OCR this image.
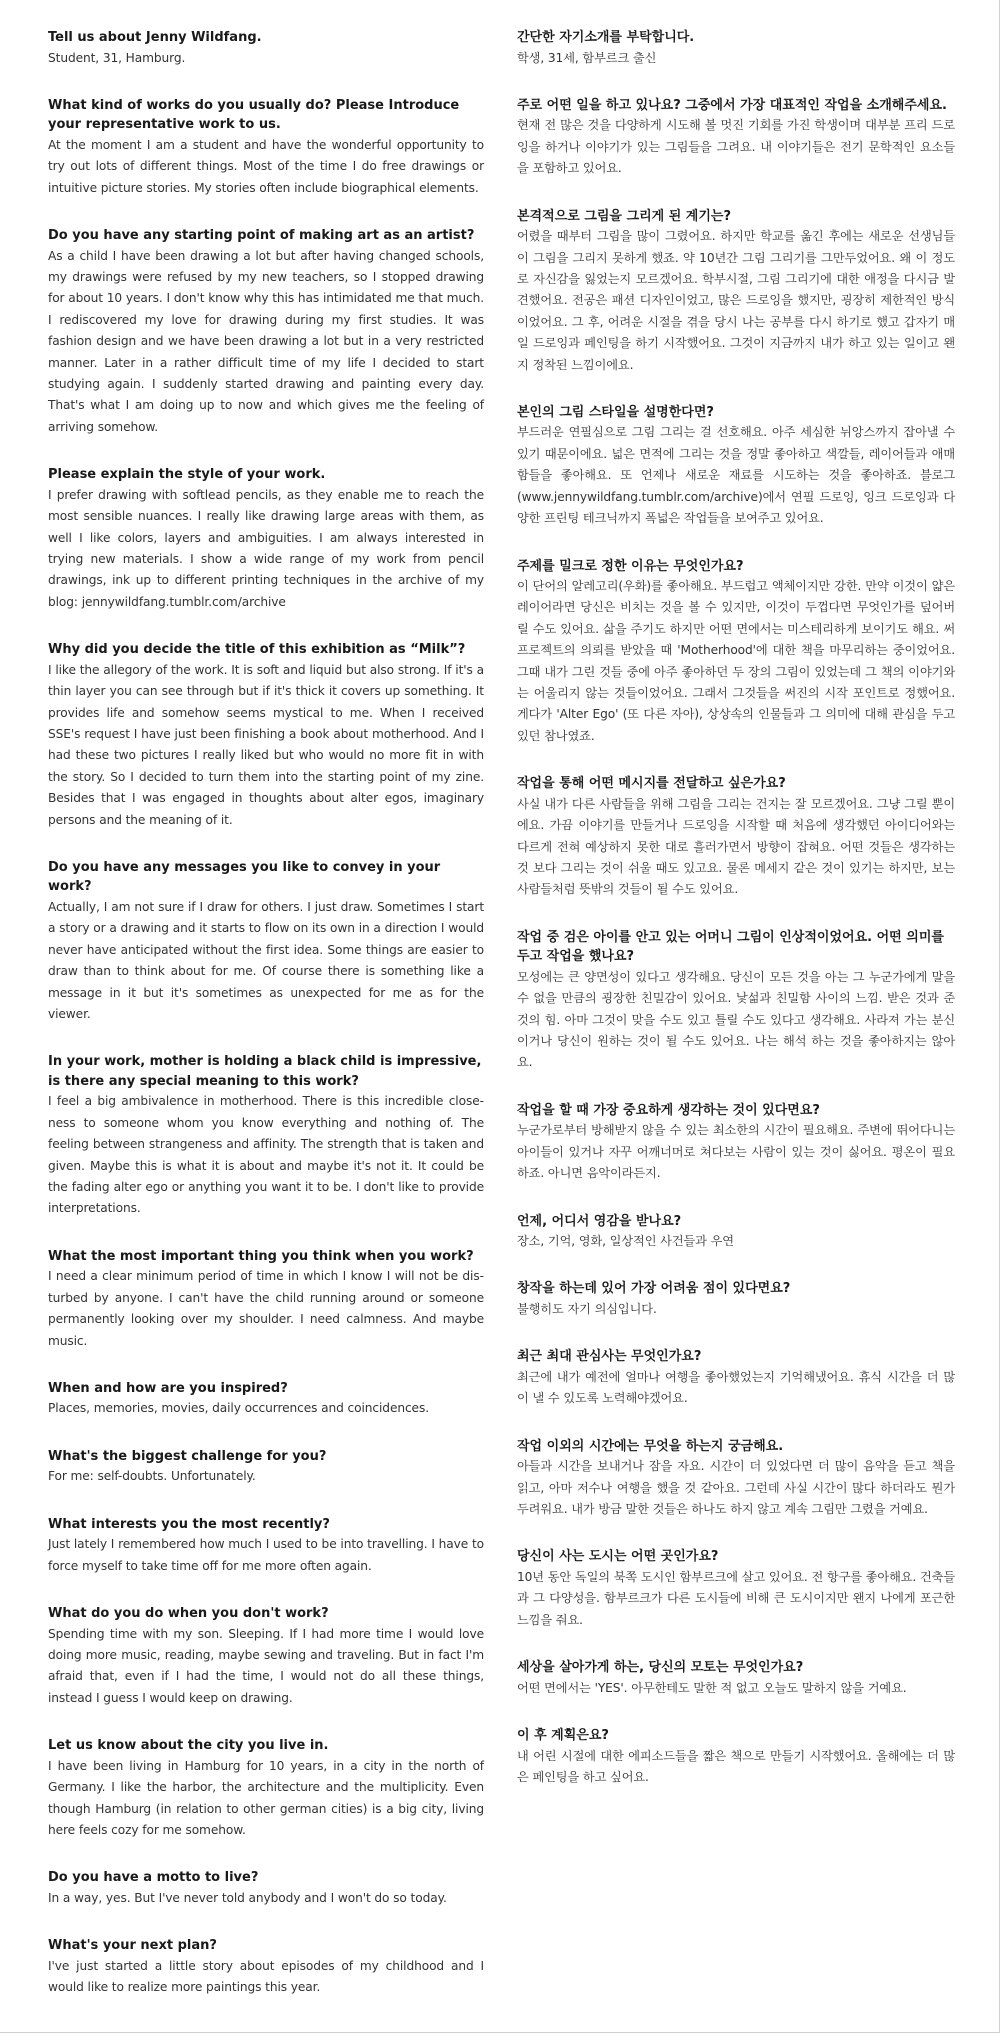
Tell us about Jenny Wildfang.

Student, 31, Hamburg.

What kind of works do you usually do? Please Introduce your representative work to us.

At the moment I am a student and have the wonderful opportunity to try out lots of different things. Most of the time I do free drawings or intuitive picture stories. My stories often include biographical elements.

Do you have any starting point of making art as an artist?

As a child I have been drawing a lot but after having changed schools, my drawings were refused by my new teachers, so I stopped drawing for about 10 years. I don't know why this has intimidated me that much. I rediscovered my love for drawing during my first studies. It was fashion design and we have been drawing a lot but in a very restricted manner. Later in a rather difficult time of my life I decided to start studying again. I suddenly started drawing and painting every day. That's what I am doing up to now and which gives me the feeling of arriving somehow.

Please explain the style of your work.

I prefer drawing with softlead pencils, as they enable me to reach the most sensible nuances. I really like drawing large areas with them, as well I like colors, layers and ambiguities. I am always interested in trying new materials. I show a wide range of my work from pencil drawings, ink up to different printing techniques in the archive of my blog: jennywildfang.tumblr.com/archive

Why did you decide the title of this exhibition as “Milk”?

I like the allegory of the work. It is soft and liquid but also strong. If it's a thin layer you can see through but if it's thick it covers up something. It provides life and somehow seems mystical to me. When I received SSE's request I have just been finishing a book about motherhood. And I had these two pictures I really liked but who would no more fit in with the story. So I decided to turn them into the starting point of my zine. Besides that I was engaged in thoughts about alter egos, imaginary persons and the meaning of it.

Do you have any messages you like to convey in your work?

Actually, I am not sure if I draw for others. I just draw. Sometimes I start a story or a drawing and it starts to flow on its own in a direction I would never have anticipated without the first idea. Some things are easier to draw than to think about for me. Of course there is something like a message in it but it's sometimes as unexpected for me as for the viewer.

In your work, mother is holding a black child is impressive, is there any special meaning to this work?

I feel a big ambivalence in motherhood. There is this incredible closeness to someone whom you know everything and nothing of. The feeling between strangeness and affinity. The strength that is taken and given. Maybe this is what it is about and maybe it's not it. It could be the fading alter ego or anything you want it to be. I don't like to provide interpretations.

What the most important thing you think when you work?

I need a clear minimum period of time in which I know I will not be disturbed by anyone. I can't have the child running around or someone permanently looking over my shoulder. I need calmness. And maybe music.

When and how are you inspired?

Places, memories, movies, daily occurrences and coincidences.

What's the biggest challenge for you?

For me: self-doubts. Unfortunately.

What interests you the most recently?

Just lately I remembered how much I used to be into travelling. I have to force myself to take time off for me more often again.

What do you do when you don't work?

Spending time with my son. Sleeping. If I had more time I would love doing more music, reading, maybe sewing and traveling. But in fact I'm afraid that, even if I had the time, I would not do all these things, instead I guess I would keep on drawing.

Let us know about the city you live in.

I have been living in Hamburg for 10 years, in a city in the north of Germany. I like the harbor, the architecture and the multiplicity. Even though Hamburg (in relation to other german cities) is a big city, living here feels cozy for me somehow.

Do you have a motto to live?

In a way, yes. But I've never told anybody and I won't do so today.

What's your next plan?

I've just started a little story about episodes of my childhood and I would like to realize more paintings this year.

간단한 자기소개를 부탁합니다.

학생, 31세, 함부르크 출신

주로 어떤 일을 하고 있나요? 그중에서 가장 대표적인 작업을 소개해주세요.

현재 전 많은 것을 다양하게 시도해 볼 멋진 기회를 가진 학생이며 대부분 프리 드로잉을 하거나 이야기가 있는 그림들을 그려요. 내 이야기들은 전기 문학적인 요소들을 포함하고 있어요.

본격적으로 그림을 그리게 된 계기는?

어렸을 때부터 그림을 많이 그렸어요. 하지만 학교를 옮긴 후에는 새로운 선생님들이 그림을 그리지 못하게 했죠. 약 10년간 그림 그리기를 그만두었어요. 왜 이 정도로 자신감을 잃었는지 모르겠어요. 학부시절, 그림 그리기에 대한 애정을 다시금 발견했어요. 전공은 패션 디자인이었고, 많은 드로잉을 했지만, 굉장히 제한적인 방식이었어요. 그 후, 어려운 시절을 겪을 당시 나는 공부를 다시 하기로 했고 갑자기 매일 드로잉과 페인팅을 하기 시작했어요. 그것이 지금까지 내가 하고 있는 일이고 왠지 정착된 느낌이에요.

본인의 그림 스타일을 설명한다면?

부드러운 연필심으로 그림 그리는 걸 선호해요. 아주 세심한 뉘앙스까지 잡아낼 수 있기 때문이에요. 넓은 면적에 그리는 것을 정말 좋아하고 색깔들, 레이어들과 애매함들을 좋아해요. 또 언제나 새로운 재료를 시도하는 것을 좋아하죠. 블로그(www.jennywildfang.tumblr.com/archive)에서 연필 드로잉, 잉크 드로잉과 다양한 프린팅 테크닉까지 폭넓은 작업들을 보여주고 있어요.

주제를 밀크로 정한 이유는 무엇인가요?

이 단어의 알레고리(우화)를 좋아해요. 부드럽고 액체이지만 강한. 만약 이것이 얇은 레이어라면 당신은 비치는 것을 볼 수 있지만, 이것이 두껍다면 무엇인가를 덮어버릴 수도 있어요. 삶을 주기도 하지만 어떤 면에서는 미스테리하게 보이기도 해요. 써 프로젝트의 의뢰를 받았을 때 'Motherhood'에 대한 책을 마무리하는 중이었어요. 그때 내가 그린 것들 중에 아주 좋아하던 두 장의 그림이 있었는데 그 책의 이야기와는 어울리지 않는 것들이었어요. 그래서 그것들을 써진의 시작 포인트로 정했어요. 게다가 'Alter Ego' (또 다른 자아), 상상속의 인물들과 그 의미에 대해 관심을 두고 있던 참나였죠.

작업을 통해 어떤 메시지를 전달하고 싶은가요?

사실 내가 다른 사람들을 위해 그림을 그리는 건지는 잘 모르겠어요. 그냥 그릴 뿐이에요. 가끔 이야기를 만들거나 드로잉을 시작할 때 처음에 생각했던 아이디어와는 다르게 전혀 예상하지 못한 대로 흘러가면서 방향이 잡혀요. 어떤 것들은 생각하는 것 보다 그리는 것이 쉬울 때도 있고요. 물론 메세지 같은 것이 있기는 하지만, 보는 사람들처럼 뜻밖의 것들이 될 수도 있어요.

작업 중 검은 아이를 안고 있는 어머니 그림이 인상적이었어요. 어떤 의미를 두고 작업을 했나요?

모성에는 큰 양면성이 있다고 생각해요. 당신이 모든 것을 아는 그 누군가에게 말을 수 없을 만큼의 굉장한 친밀감이 있어요. 낯섦과 친밀함 사이의 느낌. 받은 것과 준 것의 힘. 아마 그것이 맞을 수도 있고 틀릴 수도 있다고 생각해요. 사라져 가는 분신이거나 당신이 원하는 것이 될 수도 있어요. 나는 해석 하는 것을 좋아하지는 않아요.

작업을 할 때 가장 중요하게 생각하는 것이 있다면요?

누군가로부터 방해받지 않을 수 있는 최소한의 시간이 필요해요. 주변에 뛰어다니는 아이들이 있거나 자꾸 어깨너머로 쳐다보는 사람이 있는 것이 싫어요. 평온이 필요하죠. 아니면 음악이라든지.

언제, 어디서 영감을 받나요?

장소, 기억, 영화, 일상적인 사건들과 우연

창작을 하는데 있어 가장 어려움 점이 있다면요?

불행히도 자기 의심입니다.

최근 최대 관심사는 무엇인가요?

최근에 내가 예전에 얼마나 여행을 좋아했었는지 기억해냈어요. 휴식 시간을 더 많이 낼 수 있도록 노력해야겠어요.

작업 이외의 시간에는 무엇을 하는지 궁금해요.

아들과 시간을 보내거나 잠을 자요. 시간이 더 있었다면 더 많이 음악을 듣고 책을 읽고, 아마 저수나 여행을 했을 것 같아요. 그런데 사실 시간이 많다 하더라도 뭔가 두려워요. 내가 방금 말한 것들은 하나도 하지 않고 계속 그림만 그렸을 거예요.

당신이 사는 도시는 어떤 곳인가요?

10년 동안 독일의 북쪽 도시인 함부르크에 살고 있어요. 전 항구를 좋아해요. 건축들과 그 다양성을. 함부르크가 다른 도시들에 비해 큰 도시이지만 왠지 나에게 포근한 느낌을 줘요.

세상을 살아가게 하는, 당신의 모토는 무엇인가요?

어떤 면에서는 'YES'. 아무한테도 말한 적 없고 오늘도 말하지 않을 거예요.

이 후 계획은요?

내 어린 시절에 대한 에피소드들을 짧은 책으로 만들기 시작했어요. 올해에는 더 많은 페인팅을 하고 싶어요.
